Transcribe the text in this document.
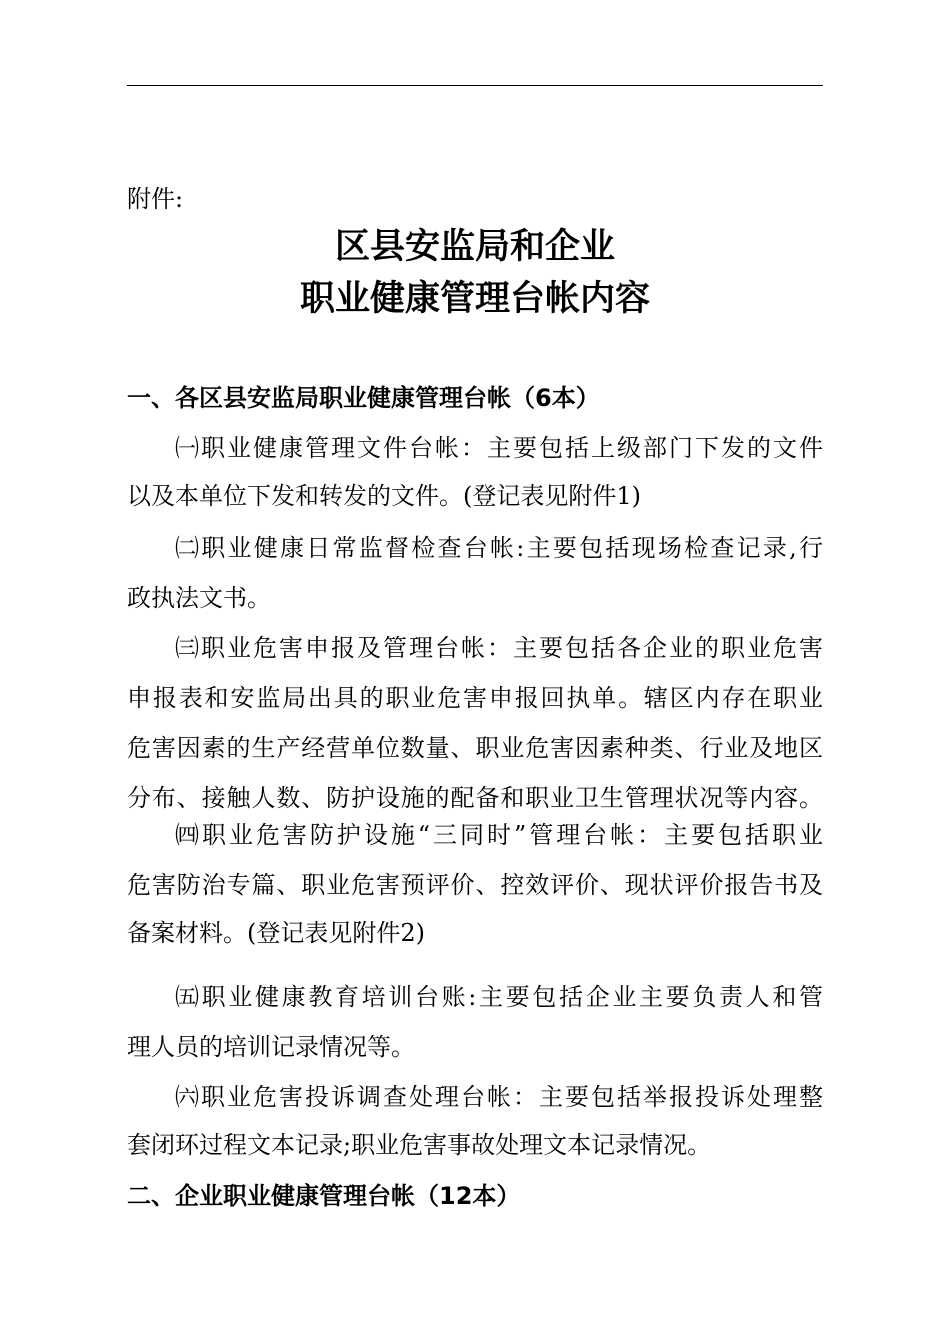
附件:
区县安监局和企业
职业健康管理台帐内容
一、各区县安监局职业健康管理台帐（6本）
㈠职业健康管理文件台帐：主要包括上级部门下发的文件
以及本单位下发和转发的文件。(登记表见附件1)
㈡职业健康日常监督检查台帐:主要包括现场检查记录,行
政执法文书。
㈢职业危害申报及管理台帐：主要包括各企业的职业危害
申报表和安监局出具的职业危害申报回执单。辖区内存在职业
危害因素的生产经营单位数量、职业危害因素种类、行业及地区
分布、接触人数、防护设施的配备和职业卫生管理状况等内容。
㈣职业危害防护设施“三同时”管理台帐：主要包括职业
危害防治专篇、职业危害预评价、控效评价、现状评价报告书及
备案材料。(登记表见附件2)
㈤职业健康教育培训台账:主要包括企业主要负责人和管
理人员的培训记录情况等。
㈥职业危害投诉调查处理台帐：主要包括举报投诉处理整
套闭环过程文本记录;职业危害事故处理文本记录情况。
二、企业职业健康管理台帐（12本）
